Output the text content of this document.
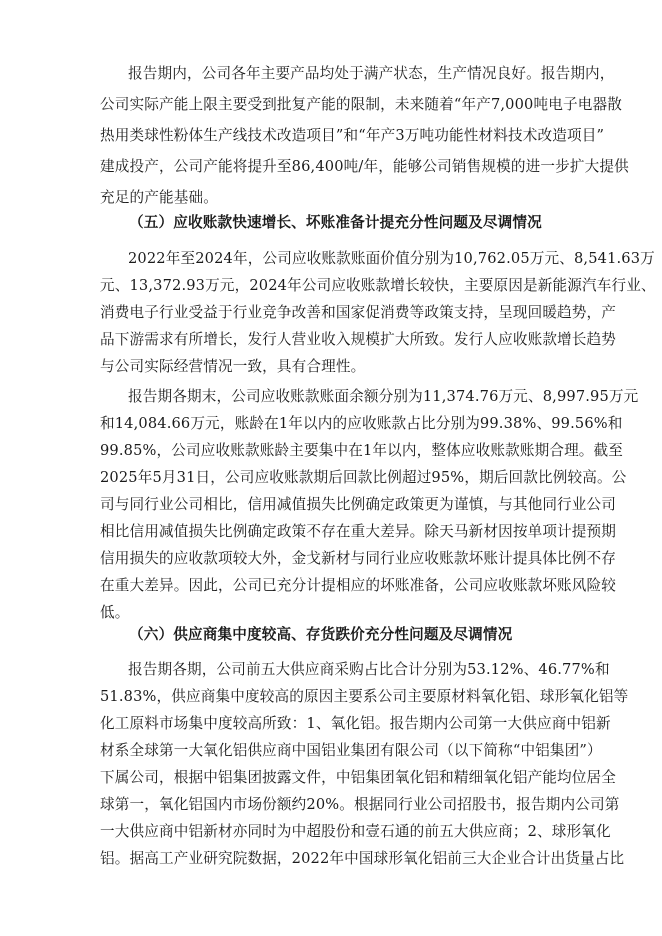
报告期内，公司各年主要产品均处于满产状态，生产情况良好。报告期内，
公司实际产能上限主要受到批复产能的限制，未来随着“年产7,000吨电子电器散
热用类球性粉体生产线技术改造项目”和“年产3万吨功能性材料技术改造项目”
建成投产，公司产能将提升至86,400吨/年，能够公司销售规模的进一步扩大提供
充足的产能基础。
（五）应收账款快速增长、坏账准备计提充分性问题及尽调情况
2022年至2024年，公司应收账款账面价值分别为10,762.05万元、8,541.63万
元、13,372.93万元，2024年公司应收账款增长较快，主要原因是新能源汽车行业、
消费电子行业受益于行业竞争改善和国家促消费等政策支持，呈现回暖趋势，产
品下游需求有所增长，发行人营业收入规模扩大所致。发行人应收账款增长趋势
与公司实际经营情况一致，具有合理性。
报告期各期末，公司应收账款账面余额分别为11,374.76万元、8,997.95万元
和14,084.66万元，账龄在1年以内的应收账款占比分别为99.38%、99.56%和
99.85%，公司应收账款账龄主要集中在1年以内，整体应收账款账期合理。截至
2025年5月31日，公司应收账款期后回款比例超过95%，期后回款比例较高。公
司与同行业公司相比，信用减值损失比例确定政策更为谨慎，与其他同行业公司
相比信用减值损失比例确定政策不存在重大差异。除天马新材因按单项计提预期
信用损失的应收款项较大外，金戈新材与同行业应收账款坏账计提具体比例不存
在重大差异。因此，公司已充分计提相应的坏账准备，公司应收账款坏账风险较
低。
（六）供应商集中度较高、存货跌价充分性问题及尽调情况
报告期各期，公司前五大供应商采购占比合计分别为53.12%、46.77%和
51.83%，供应商集中度较高的原因主要系公司主要原材料氧化铝、球形氧化铝等
化工原料市场集中度较高所致：1、氧化铝。报告期内公司第一大供应商中铝新
材系全球第一大氧化铝供应商中国铝业集团有限公司（以下简称“中铝集团”）
下属公司，根据中铝集团披露文件，中铝集团氧化铝和精细氧化铝产能均位居全
球第一，氧化铝国内市场份额约20%。根据同行业公司招股书，报告期内公司第
一大供应商中铝新材亦同时为中超股份和壹石通的前五大供应商；2、球形氧化
铝。据高工产业研究院数据，2022年中国球形氧化铝前三大企业合计出货量占比
